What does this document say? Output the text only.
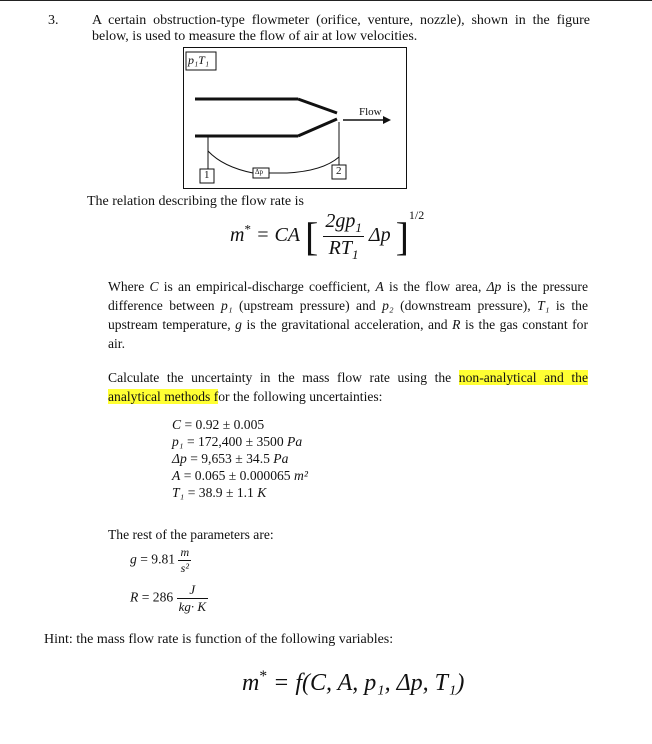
3. A certain obstruction-type flowmeter (orifice, venture, nozzle), shown in the figure below, is used to measure the flow of air at low velocities.
p₁T₁
Flow
1	2
Δp
The relation describing the flow rate is
m* = CA [ $\frac{2gp_1}{RT_1}$ Δp ]$^{1/2}$
Where C is an empirical-discharge coefficient, A is the flow area, Δp is the pressure difference between p₁ (upstream pressure) and p₂ (downstream pressure), T₁ is the upstream temperature, g is the gravitational acceleration, and R is the gas constant for air.
Calculate the uncertainty in the mass flow rate using the non-analytical and the analytical methods for the following uncertainties:
C = 0.92 ± 0.005
p₁ = 172,400 ± 3500 Pa
Δp = 9,653 ± 34.5 Pa
A = 0.065 ± 0.000065 m²
T₁ = 38.9 ± 1.1 K
The rest of the parameters are:
$g = 9.81 \frac{m}{\text{s²}}$
$R = 286 \frac{J}{kg\cdot K}$
Hint: the mass flow rate is function of the following variables:
m* = f(C, A, p₁, Δp, T₁)
